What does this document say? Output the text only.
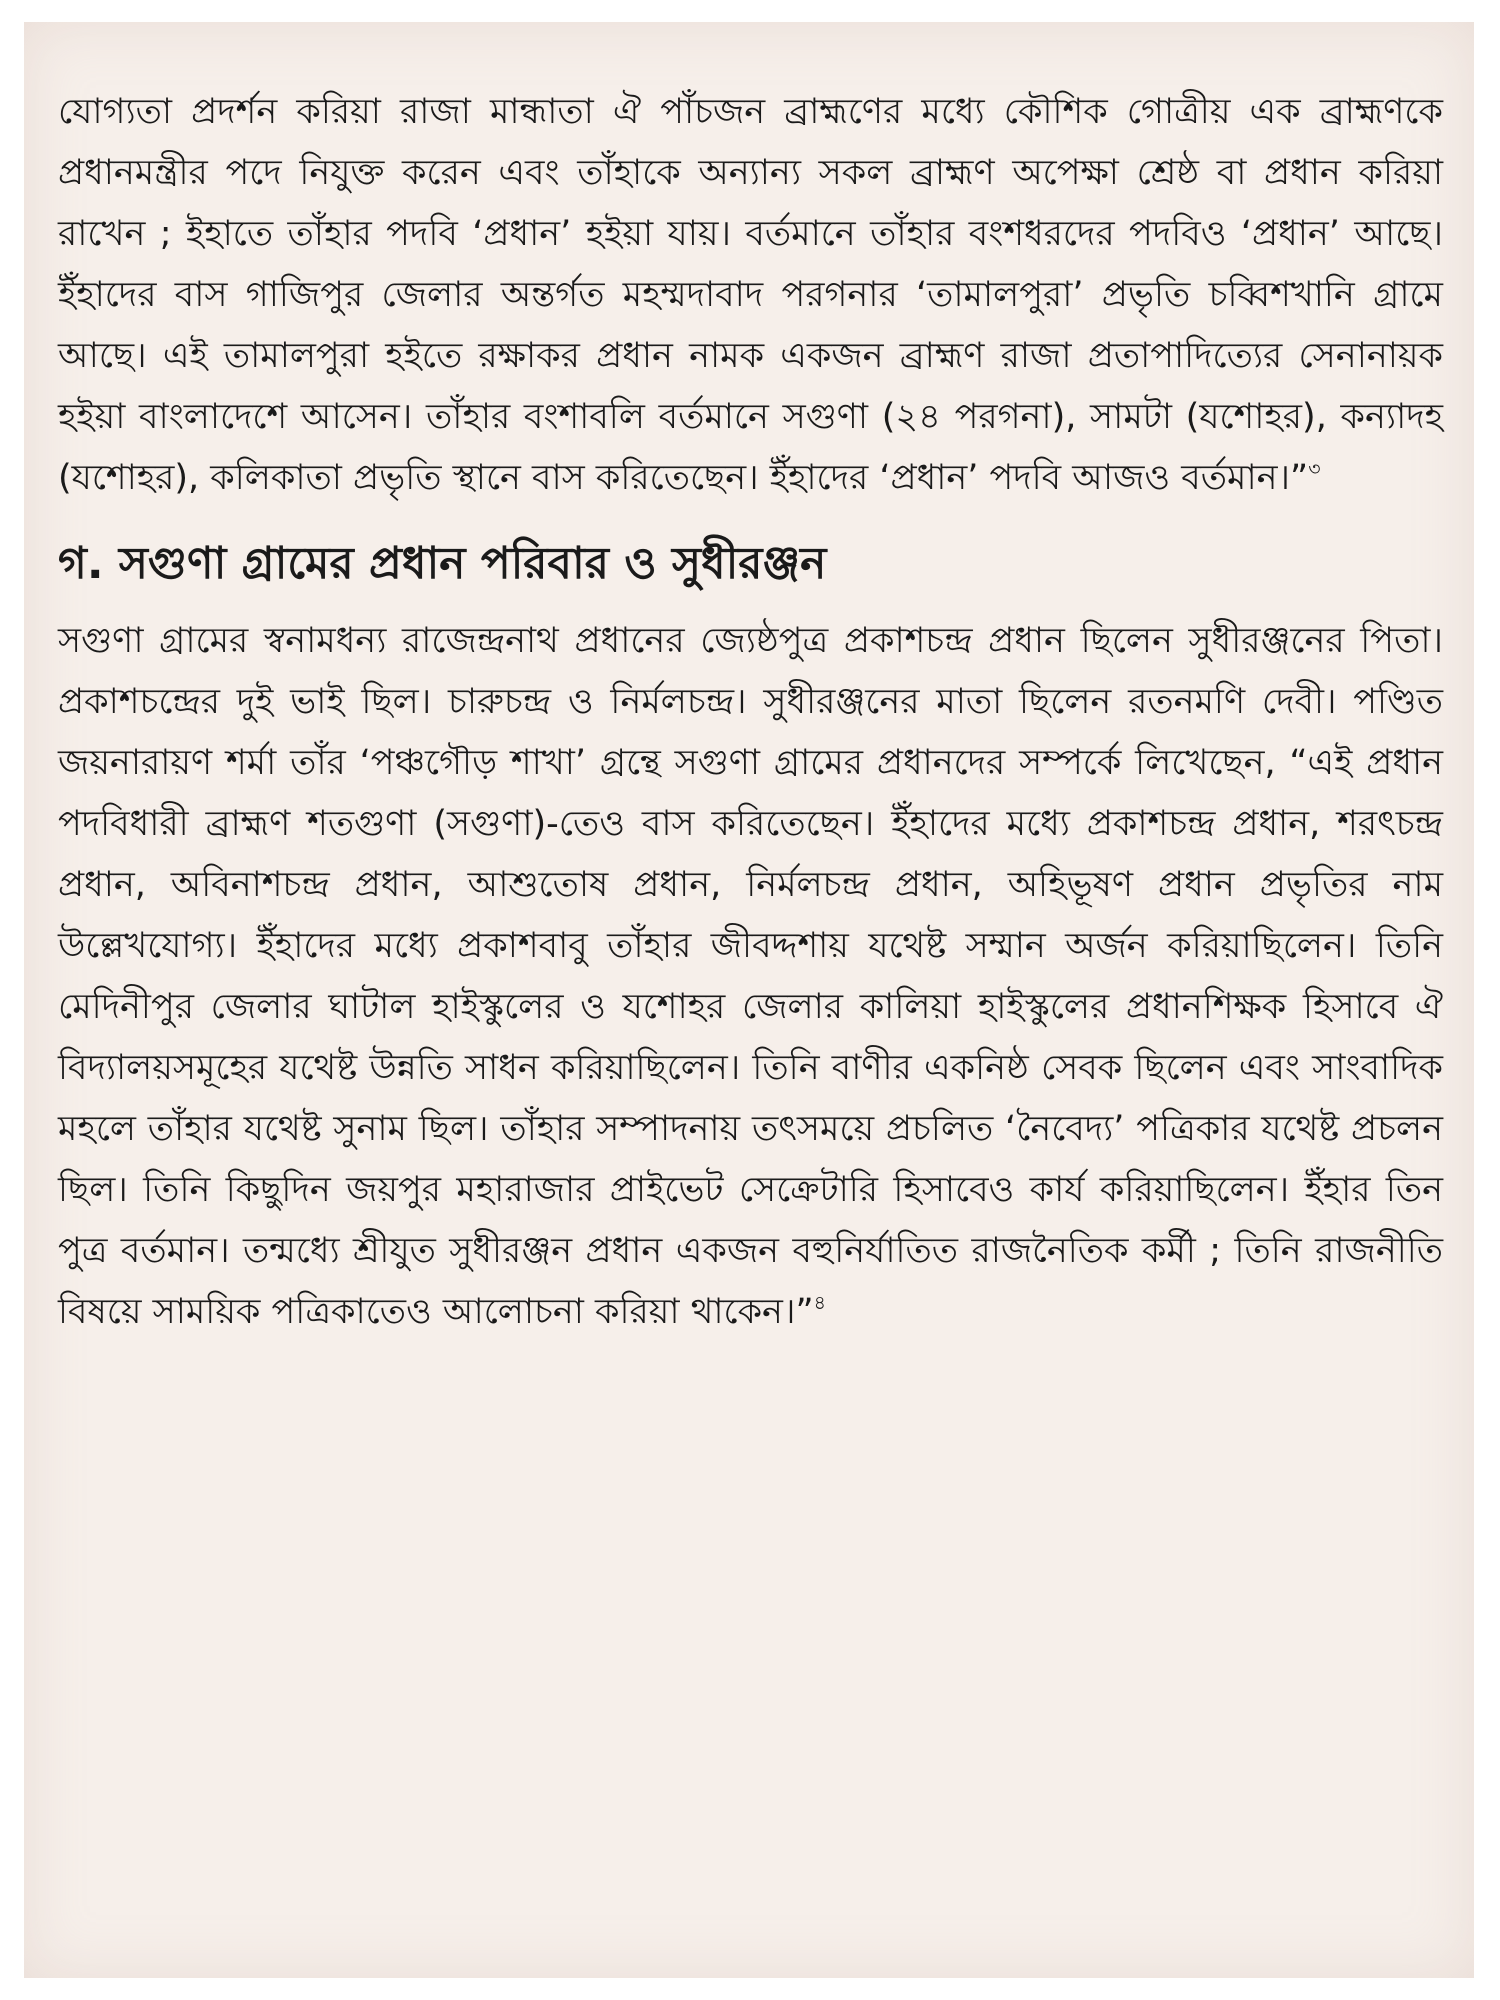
যোগ্যতা প্রদর্শন করিয়া রাজা মান্ধাতা ঐ পাঁচজন ব্রাহ্মণের মধ্যে কৌশিক গোত্রীয় এক ব্রাহ্মণকে প্রধানমন্ত্রীর পদে নিযুক্ত করেন এবং তাঁহাকে অন্যান্য সকল ব্রাহ্মণ অপেক্ষা শ্রেষ্ঠ বা প্রধান করিয়া রাখেন ; ইহাতে তাঁহার পদবি ‘প্রধান’ হইয়া যায়। বর্তমানে তাঁহার বংশধরদের পদবিও ‘প্রধান’ আছে। ইঁহাদের বাস গাজিপুর জেলার অন্তর্গত মহম্মদাবাদ পরগনার ‘তামালপুরা’ প্রভৃতি চব্বিশখানি গ্রামে আছে। এই তামালপুরা হইতে রক্ষাকর প্রধান নামক একজন ব্রাহ্মণ রাজা প্রতাপাদিত্যের সেনানায়ক হইয়া বাংলাদেশে আসেন। তাঁহার বংশাবলি বর্তমানে সগুণা (২৪ পরগনা), সামটা (যশোহর), কন্যাদহ (যশোহর), কলিকাতা প্রভৃতি স্থানে বাস করিতেছেন। ইঁহাদের ‘প্রধান’ পদবি আজও বর্তমান।”$^৩$

গ. সগুণা গ্রামের প্রধান পরিবার ও সুধীরঞ্জন

সগুণা গ্রামের স্বনামধন্য রাজেন্দ্রনাথ প্রধানের জ্যেষ্ঠপুত্র প্রকাশচন্দ্র প্রধান ছিলেন সুধীরঞ্জনের পিতা। প্রকাশচন্দ্রের দুই ভাই ছিল। চারুচন্দ্র ও নির্মলচন্দ্র। সুধীরঞ্জনের মাতা ছিলেন রতনমণি দেবী। পণ্ডিত জয়নারায়ণ শর্মা তাঁর ‘পঞ্চগৌড় শাখা’ গ্রন্থে সগুণা গ্রামের প্রধানদের সম্পর্কে লিখেছেন, “এই প্রধান পদবিধারী ব্রাহ্মণ শতগুণা (সগুণা)-তেও বাস করিতেছেন। ইঁহাদের মধ্যে প্রকাশচন্দ্র প্রধান, শরৎচন্দ্র প্রধান, অবিনাশচন্দ্র প্রধান, আশুতোষ প্রধান, নির্মলচন্দ্র প্রধান, অহিভূষণ প্রধান প্রভৃতির নাম উল্লেখযোগ্য। ইঁহাদের মধ্যে প্রকাশবাবু তাঁহার জীবদ্দশায় যথেষ্ট সম্মান অর্জন করিয়াছিলেন। তিনি মেদিনীপুর জেলার ঘাটাল হাইস্কুলের ও যশোহর জেলার কালিয়া হাইস্কুলের প্রধানশিক্ষক হিসাবে ঐ বিদ্যালয়সমূহের যথেষ্ট উন্নতি সাধন করিয়াছিলেন। তিনি বাণীর একনিষ্ঠ সেবক ছিলেন এবং সাংবাদিক মহলে তাঁহার যথেষ্ট সুনাম ছিল। তাঁহার সম্পাদনায় তৎসময়ে প্রচলিত ‘নৈবেদ্য’ পত্রিকার যথেষ্ট প্রচলন ছিল। তিনি কিছুদিন জয়পুর মহারাজার প্রাইভেট সেক্রেটারি হিসাবেও কার্য করিয়াছিলেন। ইঁহার তিন পুত্র বর্তমান। তন্মধ্যে শ্রীযুত সুধীরঞ্জন প্রধান একজন বহুনির্যাতিত রাজনৈতিক কর্মী ; তিনি রাজনীতি বিষয়ে সাময়িক পত্রিকাতেও আলোচনা করিয়া থাকেন।”$^৪$
